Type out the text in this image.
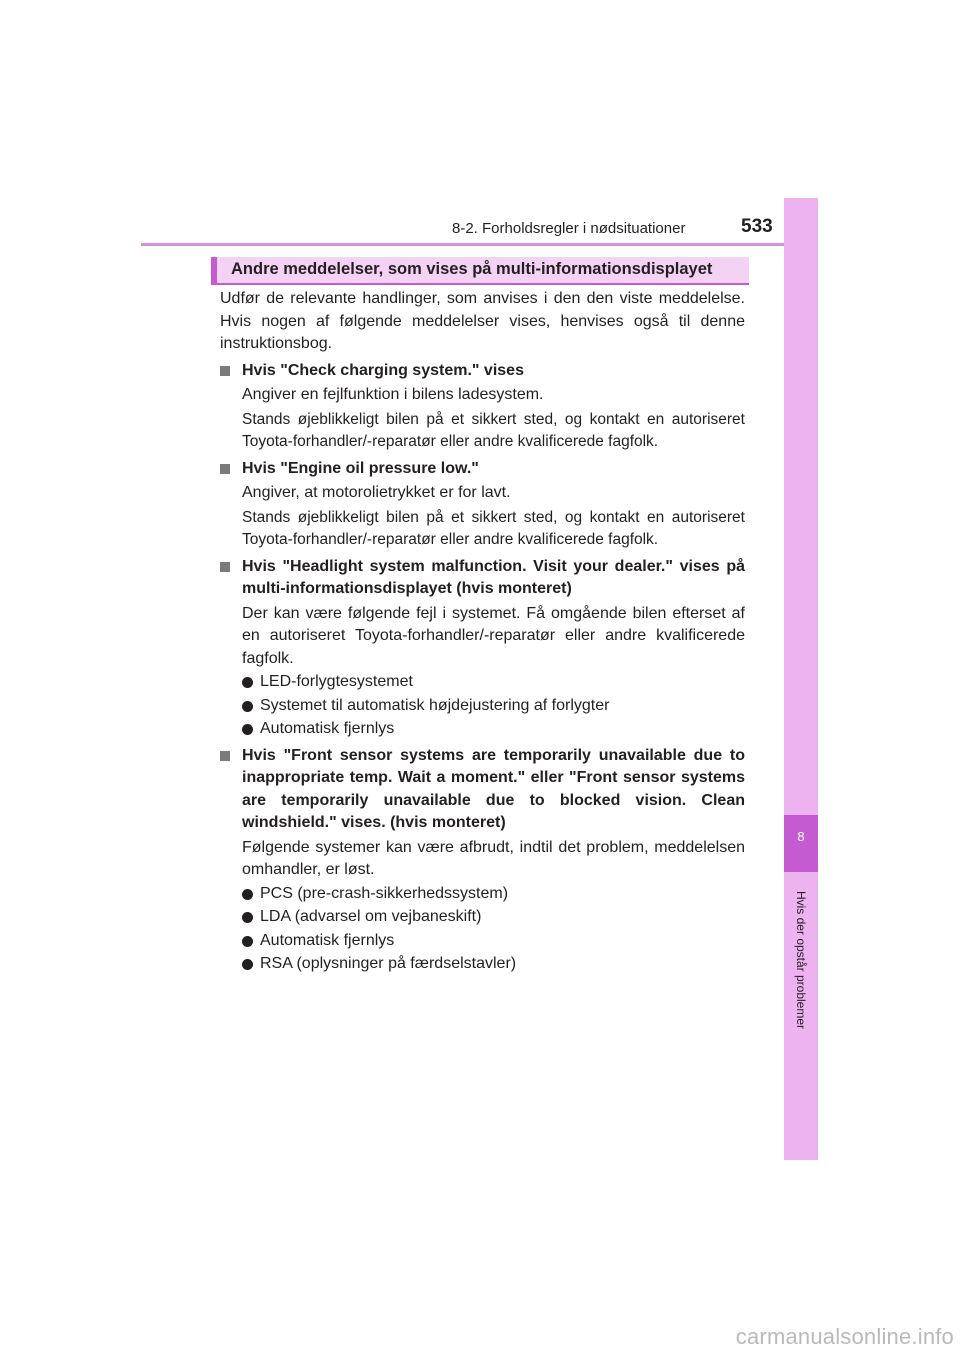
8-2. Forholdsregler i nødsituationer	533
8
Hvis der opstår problemer
Andre meddelelser, som vises på multi-informationsdisplayet

Udfør de relevante handlinger, som anvises i den den viste meddelelse. Hvis nogen af følgende meddelelser vises, henvises også til denne instruktionsbog.

Hvis "Check charging system." vises

Angiver en fejlfunktion i bilens ladesystem.

Stands øjeblikkeligt bilen på et sikkert sted, og kontakt en autoriseret Toyota-forhandler/-reparatør eller andre kvalificerede fagfolk.

Hvis "Engine oil pressure low."

Angiver, at motorolietrykket er for lavt.

Stands øjeblikkeligt bilen på et sikkert sted, og kontakt en autoriseret Toyota-forhandler/-reparatør eller andre kvalificerede fagfolk.

Hvis "Headlight system malfunction. Visit your dealer." vises på multi-informationsdisplayet (hvis monteret)

Der kan være følgende fejl i systemet. Få omgående bilen efterset af en autoriseret Toyota-forhandler/-reparatør eller andre kvalificerede fagfolk.

LED-forlygtesystemet
Systemet til automatisk højdejustering af forlygter
Automatisk fjernlys
Hvis "Front sensor systems are temporarily unavailable due to inappropriate temp. Wait a moment." eller "Front sensor systems are temporarily unavailable due to blocked vision. Clean windshield." vises. (hvis monteret)

Følgende systemer kan være afbrudt, indtil det problem, meddelelsen omhandler, er løst.

PCS (pre-crash-sikkerhedssystem)
LDA (advarsel om vejbaneskift)
Automatisk fjernlys
RSA (oplysninger på færdselstavler)
carmanualsonline.info
